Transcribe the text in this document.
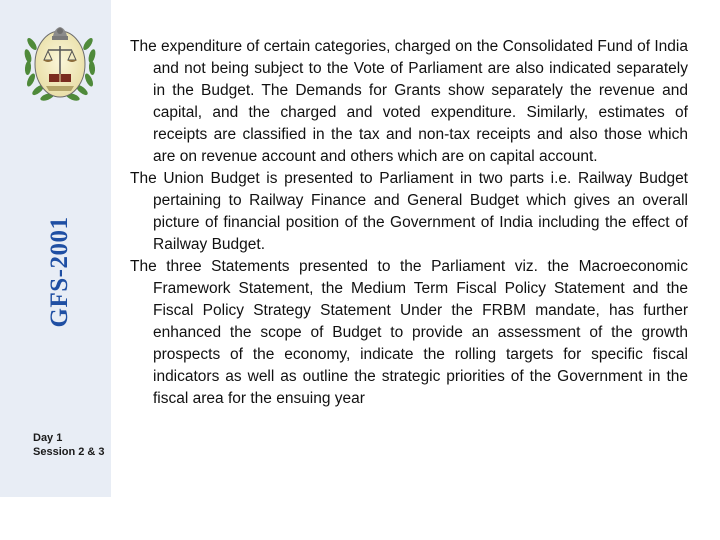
GFS-2001
Day 1 Session 2 & 3

The expenditure of certain categories, charged on the Consolidated Fund of India and not being subject to the Vote of Parliament are also indicated separately in the Budget. The Demands for Grants show separately the revenue and capital, and the charged and voted expenditure. Similarly, estimates of receipts are classified in the tax and non-tax receipts and also those which are on revenue account and others which are on capital account.

The Union Budget is presented to Parliament in two parts i.e. Railway Budget pertaining to Railway Finance and General Budget which gives an overall picture of financial position of the Government of India including the effect of Railway Budget.

The three Statements presented to the Parliament viz. the Macroeconomic Framework Statement, the Medium Term Fiscal Policy Statement and the Fiscal Policy Strategy Statement Under the FRBM mandate, has further enhanced the scope of Budget to provide an assessment of the growth prospects of the economy, indicate the rolling targets for specific fiscal indicators as well as outline the strategic priorities of the Government in the fiscal area for the ensuing year
